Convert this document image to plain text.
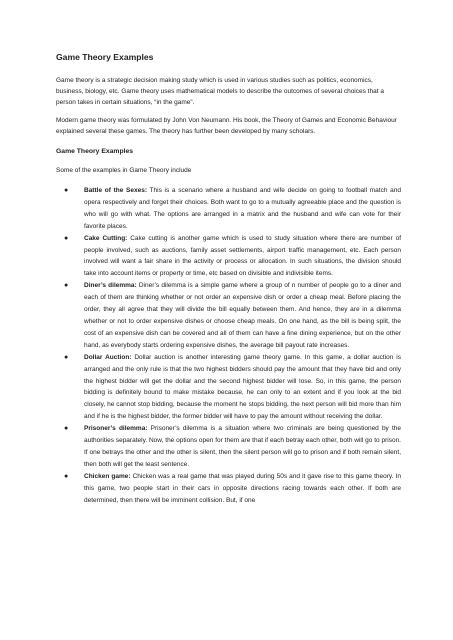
Game Theory Examples

Game theory is a strategic decision making study which is used in various studies such as politics, economics, business, biology, etc. Game theory uses mathematical models to describe the outcomes of several choices that a person takes in certain situations, “in the game”.

Modern game theory was formulated by John Von Neumann. His book, the Theory of Games and Economic Behaviour explained several these games. The theory has further been developed by many scholars.

Game Theory Examples

Some of the examples in Game Theory include

● Battle of the Sexes: This is a scenario where a husband and wife decide on going to football match and opera respectively and forget their choices. Both want to go to a mutually agreeable place and the question is who will go with what. The options are arranged in a matrix and the husband and wife can vote for their favorite places.
● Cake Cutting: Cake cutting is another game which is used to study situation where there are number of people involved, such as auctions, family asset settlements, airport traffic management, etc. Each person involved will want a fair share in the activity or process or allocation. In such situations, the division should take into account items or property or time, etc based on divisible and indivisible items.
● Diner’s dilemma: Diner’s dilemma is a simple game where a group of n number of people go to a diner and each of them are thinking whether or not order an expensive dish or order a cheap meal. Before placing the order, they all agree that they will divide the bill equally between them. And hence, they are in a dilemma whether or not to order expensive dishes or choose cheap meals. On one hand, as the bill is being split, the cost of an expensive dish can be covered and all of them can have a fine dining experience, but on the other hand, as everybody starts ordering expensive dishes, the average bill payout rate increases.
● Dollar Auction: Dollar auction is another interesting game theory game. In this game, a dollar auction is arranged and the only rule is that the two highest bidders should pay the amount that they have bid and only the highest bidder will get the dollar and the second highest bidder will lose. So, in this game, the person bidding is definitely bound to make mistake because, he can only to an extent and if you look at the bid closely, he cannot stop bidding, because the moment he stops bidding, the next person will bid more than him and if he is the highest bidder, the former bidder will have to pay the amount without receiving the dollar.
● Prisoner’s dilemma: Prisoner’s dilemma is a situation where two criminals are being questioned by the authorities separately. Now, the options open for them are that if each betray each other, both will go to prison. If one betrays the other and the other is silent, then the silent person will go to prison and if both remain silent, then both will get the least sentence.
● Chicken game: Chicken was a real game that was played during 50s and it gave rise to this game theory. In this game, two people start in their cars in opposite directions racing towards each other. If both are determined, then there will be imminent collision. But, if one
